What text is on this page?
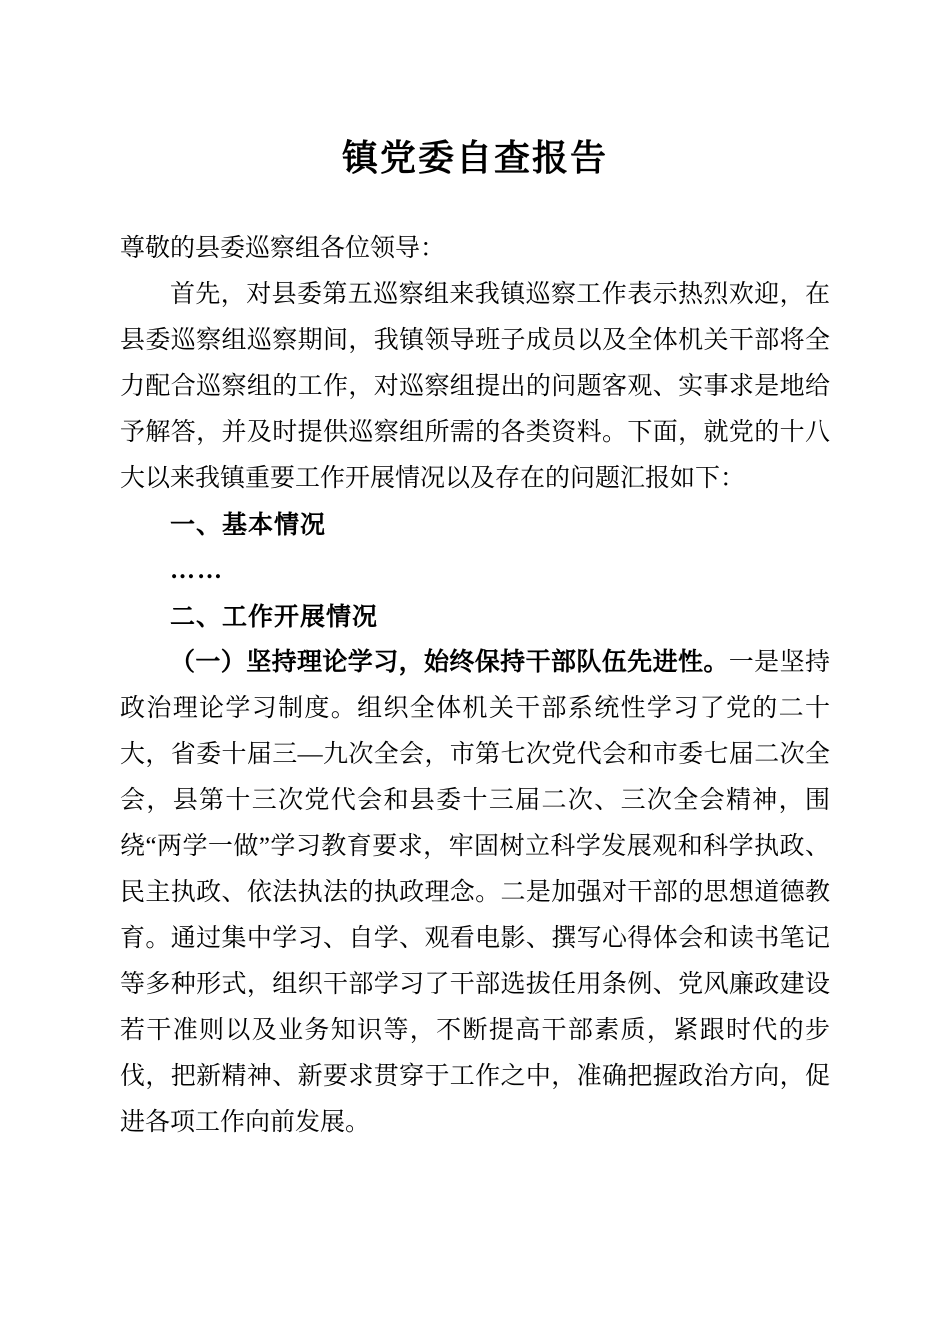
镇党委自查报告

尊敬的县委巡察组各位领导：

首先，对县委第五巡察组来我镇巡察工作表示热烈欢迎，在县委巡察组巡察期间，我镇领导班子成员以及全体机关干部将全力配合巡察组的工作，对巡察组提出的问题客观、实事求是地给予解答，并及时提供巡察组所需的各类资料。下面，就党的十八大以来我镇重要工作开展情况以及存在的问题汇报如下：

一、基本情况

……

二、工作开展情况

（一）坚持理论学习，始终保持干部队伍先进性。一是坚持政治理论学习制度。组织全体机关干部系统性学习了党的二十大，省委十届三—九次全会，市第七次党代会和市委七届二次全会，县第十三次党代会和县委十三届二次、三次全会精神，围绕“两学一做”学习教育要求，牢固树立科学发展观和科学执政、民主执政、依法执法的执政理念。二是加强对干部的思想道德教育。通过集中学习、自学、观看电影、撰写心得体会和读书笔记等多种形式，组织干部学习了干部选拔任用条例、党风廉政建设若干准则以及业务知识等，不断提高干部素质，紧跟时代的步伐，把新精神、新要求贯穿于工作之中，准确把握政治方向，促进各项工作向前发展。
